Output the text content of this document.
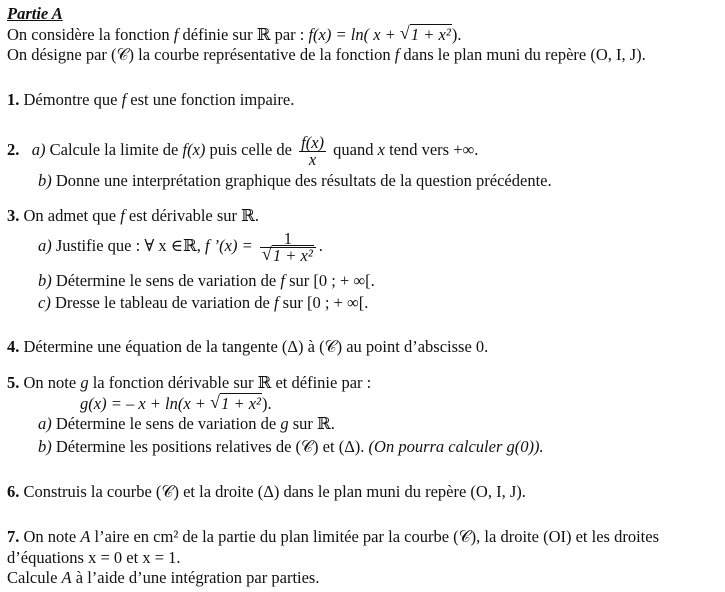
Partie A
On considère la fonction f définie sur ℝ par : f(x) = ln( x + √ 1 + x²).
On désigne par (𝒞) la courbe représentative de la fonction f dans le plan muni du repère (O, I, J).
1. Démontre que f est une fonction impaire.
2. a) Calcule la limite de f(x) puis celle de $\frac{f(x)}{x}$ quand x tend vers +∞.
b) Donne une interprétation graphique des résultats de la question précédente.
3. On admet que f est dérivable sur ℝ.
a) Justifie que : ∀ x ∈ℝ, f ’(x) = $\frac{1}{\text{√ 1 + x²}}$ .
b) Détermine le sens de variation de f sur [0 ; + ∞[.
c) Dresse le tableau de variation de f sur [0 ; + ∞[.
4. Détermine une équation de la tangente (Δ) à (𝒞) au point d’abscisse 0.
5. On note g la fonction dérivable sur ℝ et définie par :
g(x) = – x + ln(x + √ 1 + x²).
a) Détermine le sens de variation de g sur ℝ.
b) Détermine les positions relatives de (𝒞) et (Δ). (On pourra calculer g(0)).
6. Construis la courbe (𝒞) et la droite (Δ) dans le plan muni du repère (O, I, J).
7. On note A l’aire en cm² de la partie du plan limitée par la courbe (𝒞), la droite (OI) et les droites
d’équations x = 0 et x = 1.
Calcule A à l’aide d’une intégration par parties.
